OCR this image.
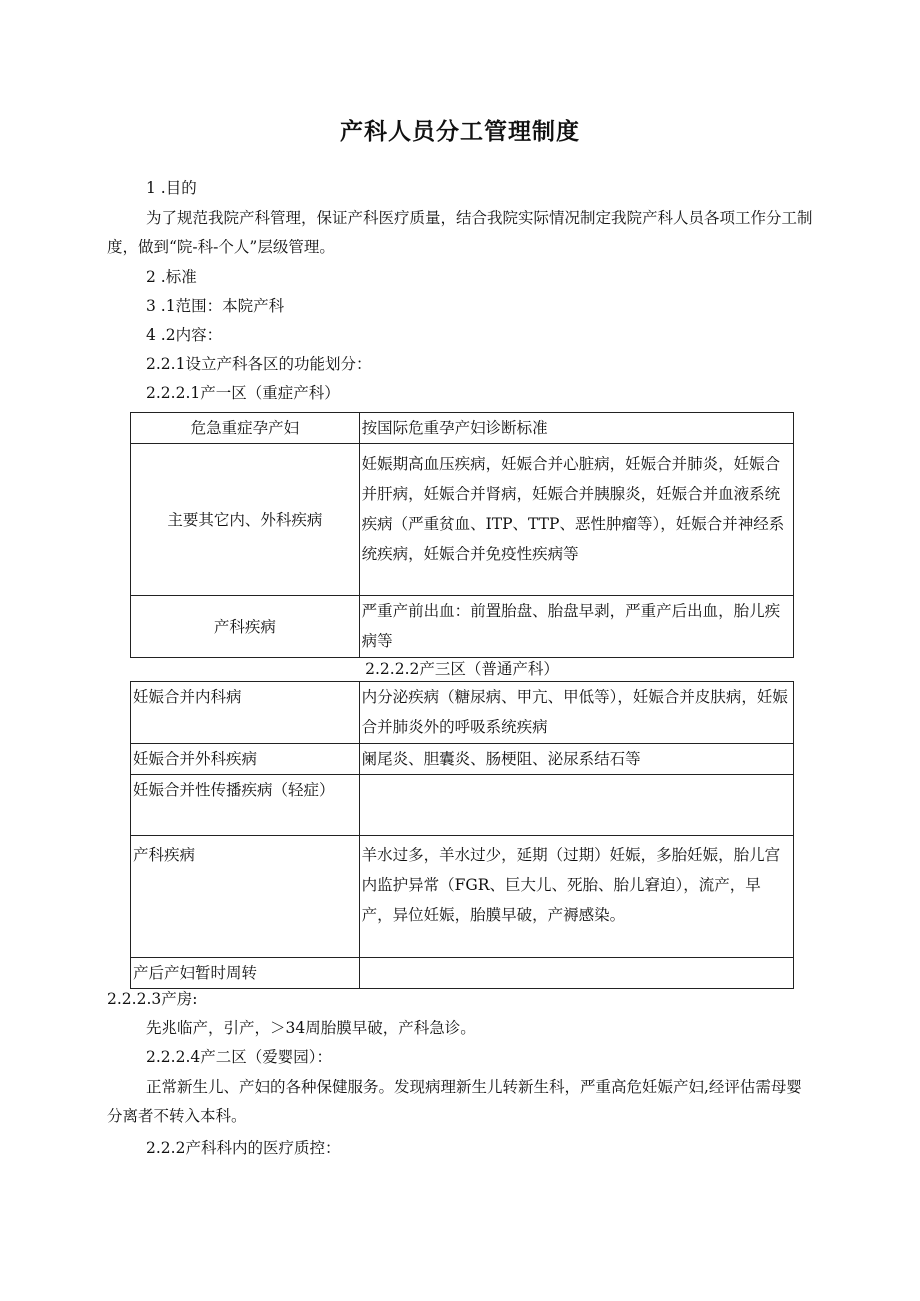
产科人员分工管理制度
1 .目的
为了规范我院产科管理，保证产科医疗质量，结合我院实际情况制定我院产科人员各项工作分工制度，做到“院-科-个人”层级管理。
2 .标准
3 .1范围：本院产科
4 .2内容：
2.2.1设立产科各区的功能划分：
2.2.2.1产一区（重症产科）
危急重症孕产妇	按国际危重孕产妇诊断标准
主要其它内、外科疾病	妊娠期高血压疾病，妊娠合并心脏病，妊娠合并肺炎，妊娠合并肝病，妊娠合并肾病，妊娠合并胰腺炎，妊娠合并血液系统疾病（严重贫血、ITP、TTP、恶性肿瘤等），妊娠合并神经系统疾病，妊娠合并免疫性疾病等
产科疾病	严重产前出血：前置胎盘、胎盘早剥，严重产后出血，胎儿疾病等
2.2.2.2产三区（普通产科）
妊娠合并内科病	内分泌疾病（糖尿病、甲亢、甲低等），妊娠合并皮肤病，妊娠合并肺炎外的呼吸系统疾病
妊娠合并外科疾病	阑尾炎、胆囊炎、肠梗阻、泌尿系结石等
妊娠合并性传播疾病（轻症）	
产科疾病	羊水过多，羊水过少，延期（过期）妊娠，多胎妊娠，胎儿宫内监护异常（FGR、巨大儿、死胎、胎儿窘迫），流产，早产，异位妊娠，胎膜早破，产褥感染。
产后产妇暂时周转	
2.2.2.3产房:
先兆临产，引产，＞34周胎膜早破，产科急诊。
2.2.2.4产二区（爱婴园）：
正常新生儿、产妇的各种保健服务。发现病理新生儿转新生科，严重高危妊娠产妇,经评估需母婴分离者不转入本科。
2.2.2产科科内的医疗质控：
